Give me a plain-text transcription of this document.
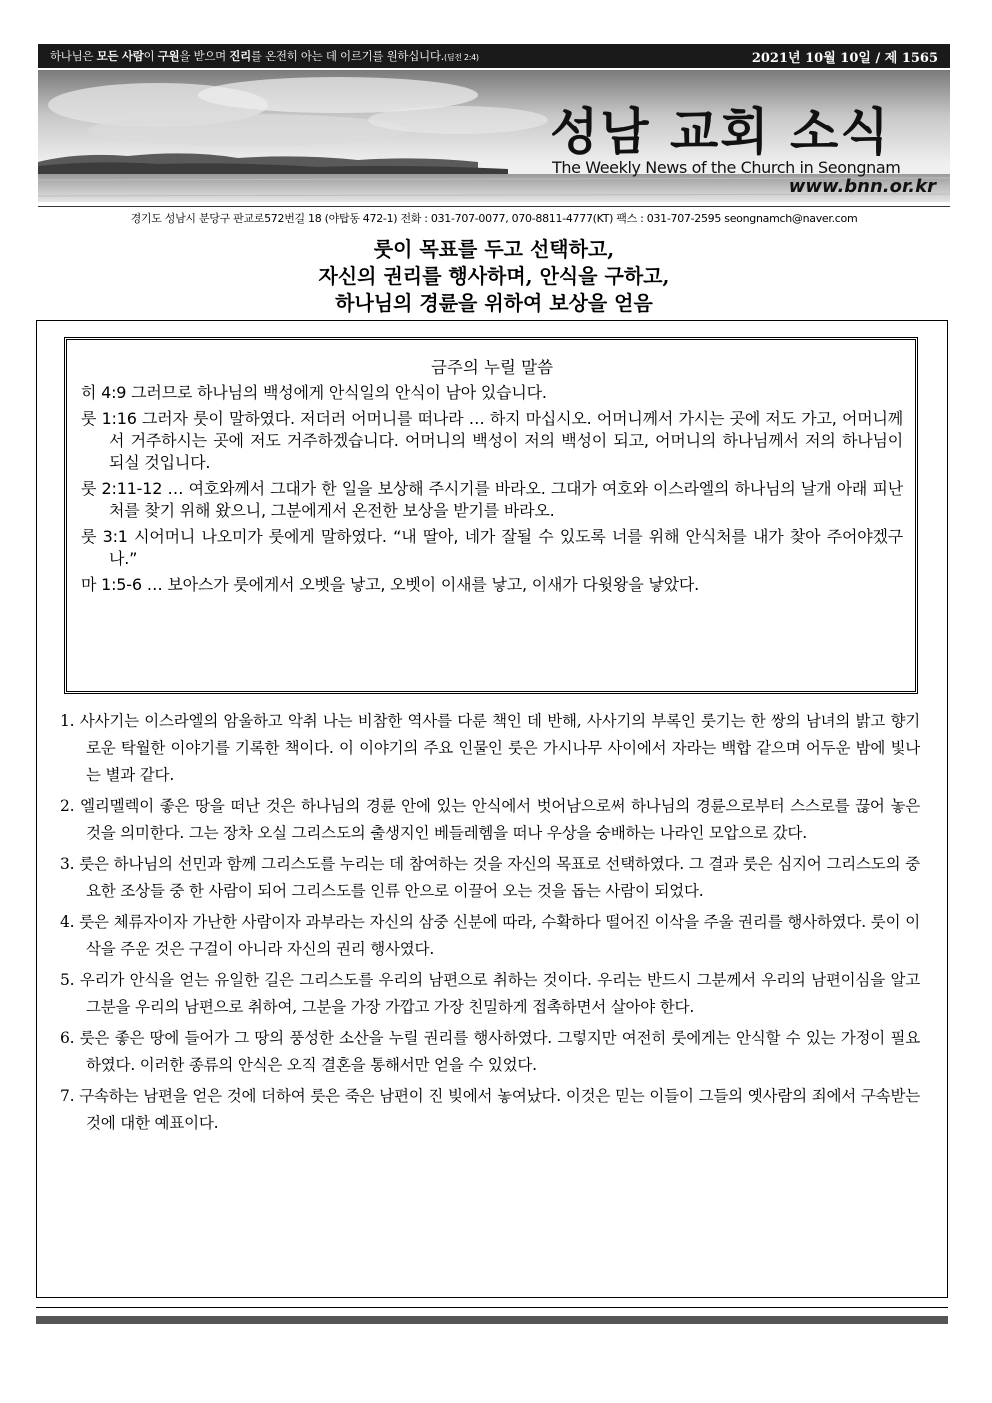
하나님은 모든 사람이 구원을 받으며 진리를 온전히 아는 데 이르기를 원하십니다.(딤전 2:4)	2021년 10월 10일 / 제 1565
성남 교회 소식
The Weekly News of the Church in Seongnam
www.bnn.or.kr
경기도 성남시 분당구 판교로572번길 18 (야탑동 472-1) 전화 : 031-707-0077, 070-8811-4777(KT) 팩스 : 031-707-2595 seongnamch@naver.com
룻이 목표를 두고 선택하고,
자신의 권리를 행사하며, 안식을 구하고,
하나님의 경륜을 위하여 보상을 얻음
금주의 누릴 말씀
히 4:9 그러므로 하나님의 백성에게 안식일의 안식이 남아 있습니다.
룻 1:16 그러자 룻이 말하였다. 저더러 어머니를 떠나라 … 하지 마십시오. 어머니께서 가시는 곳에 저도 가고, 어머니께서 거주하시는 곳에 저도 거주하겠습니다. 어머니의 백성이 저의 백성이 되고, 어머니의 하나님께서 저의 하나님이 되실 것입니다.
룻 2:11-12 … 여호와께서 그대가 한 일을 보상해 주시기를 바라오. 그대가 여호와 이스라엘의 하나님의 날개 아래 피난처를 찾기 위해 왔으니, 그분에게서 온전한 보상을 받기를 바라오.
룻 3:1 시어머니 나오미가 룻에게 말하였다. “내 딸아, 네가 잘될 수 있도록 너를 위해 안식처를 내가 찾아 주어야겠구나.”
마 1:5-6 … 보아스가 룻에게서 오벳을 낳고, 오벳이 이새를 낳고, 이새가 다윗왕을 낳았다.
1. 사사기는 이스라엘의 암울하고 악취 나는 비참한 역사를 다룬 책인 데 반해, 사사기의 부록인 룻기는 한 쌍의 남녀의 밝고 향기로운 탁월한 이야기를 기록한 책이다. 이 이야기의 주요 인물인 룻은 가시나무 사이에서 자라는 백합 같으며 어두운 밤에 빛나는 별과 같다.
2. 엘리멜렉이 좋은 땅을 떠난 것은 하나님의 경륜 안에 있는 안식에서 벗어남으로써 하나님의 경륜으로부터 스스로를 끊어 놓은 것을 의미한다. 그는 장차 오실 그리스도의 출생지인 베들레헴을 떠나 우상을 숭배하는 나라인 모압으로 갔다.
3. 룻은 하나님의 선민과 함께 그리스도를 누리는 데 참여하는 것을 자신의 목표로 선택하였다. 그 결과 룻은 심지어 그리스도의 중요한 조상들 중 한 사람이 되어 그리스도를 인류 안으로 이끌어 오는 것을 돕는 사람이 되었다.
4. 룻은 체류자이자 가난한 사람이자 과부라는 자신의 삼중 신분에 따라, 수확하다 떨어진 이삭을 주울 권리를 행사하였다. 룻이 이삭을 주운 것은 구걸이 아니라 자신의 권리 행사였다.
5. 우리가 안식을 얻는 유일한 길은 그리스도를 우리의 남편으로 취하는 것이다. 우리는 반드시 그분께서 우리의 남편이심을 알고 그분을 우리의 남편으로 취하여, 그분을 가장 가깝고 가장 친밀하게 접촉하면서 살아야 한다.
6. 룻은 좋은 땅에 들어가 그 땅의 풍성한 소산을 누릴 권리를 행사하였다. 그렇지만 여전히 룻에게는 안식할 수 있는 가정이 필요하였다. 이러한 종류의 안식은 오직 결혼을 통해서만 얻을 수 있었다.
7. 구속하는 남편을 얻은 것에 더하여 룻은 죽은 남편이 진 빚에서 놓여났다. 이것은 믿는 이들이 그들의 옛사람의 죄에서 구속받는 것에 대한 예표이다.
